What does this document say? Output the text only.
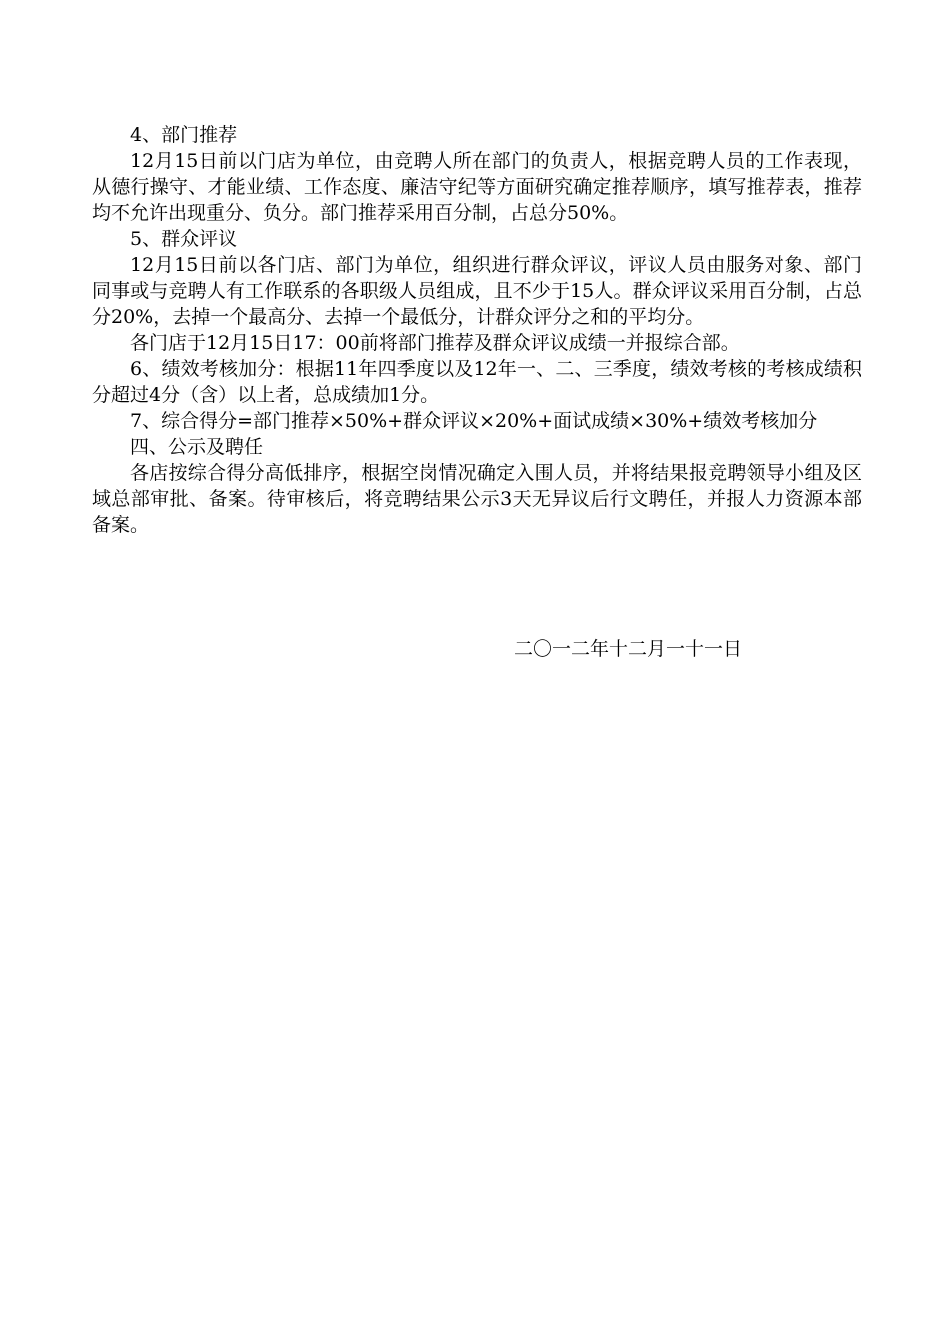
4、部门推荐

12月15日前以门店为单位，由竞聘人所在部门的负责人，根据竞聘人员的工作表现，从德行操守、才能业绩、工作态度、廉洁守纪等方面研究确定推荐顺序，填写推荐表，推荐均不允许出现重分、负分。部门推荐采用百分制，占总分50%。

5、群众评议

12月15日前以各门店、部门为单位，组织进行群众评议，评议人员由服务对象、部门同事或与竞聘人有工作联系的各职级人员组成，且不少于15人。群众评议采用百分制，占总分20%，去掉一个最高分、去掉一个最低分，计群众评分之和的平均分。

各门店于12月15日17：00前将部门推荐及群众评议成绩一并报综合部。

6、绩效考核加分：根据11年四季度以及12年一、二、三季度，绩效考核的考核成绩积分超过4分（含）以上者，总成绩加1分。

7、综合得分=部门推荐×50%+群众评议×20%+面试成绩×30%+绩效考核加分

四、公示及聘任

各店按综合得分高低排序，根据空岗情况确定入围人员，并将结果报竞聘领导小组及区域总部审批、备案。待审核后，将竞聘结果公示3天无异议后行文聘任，并报人力资源本部备案。

二〇一二年十二月一十一日
